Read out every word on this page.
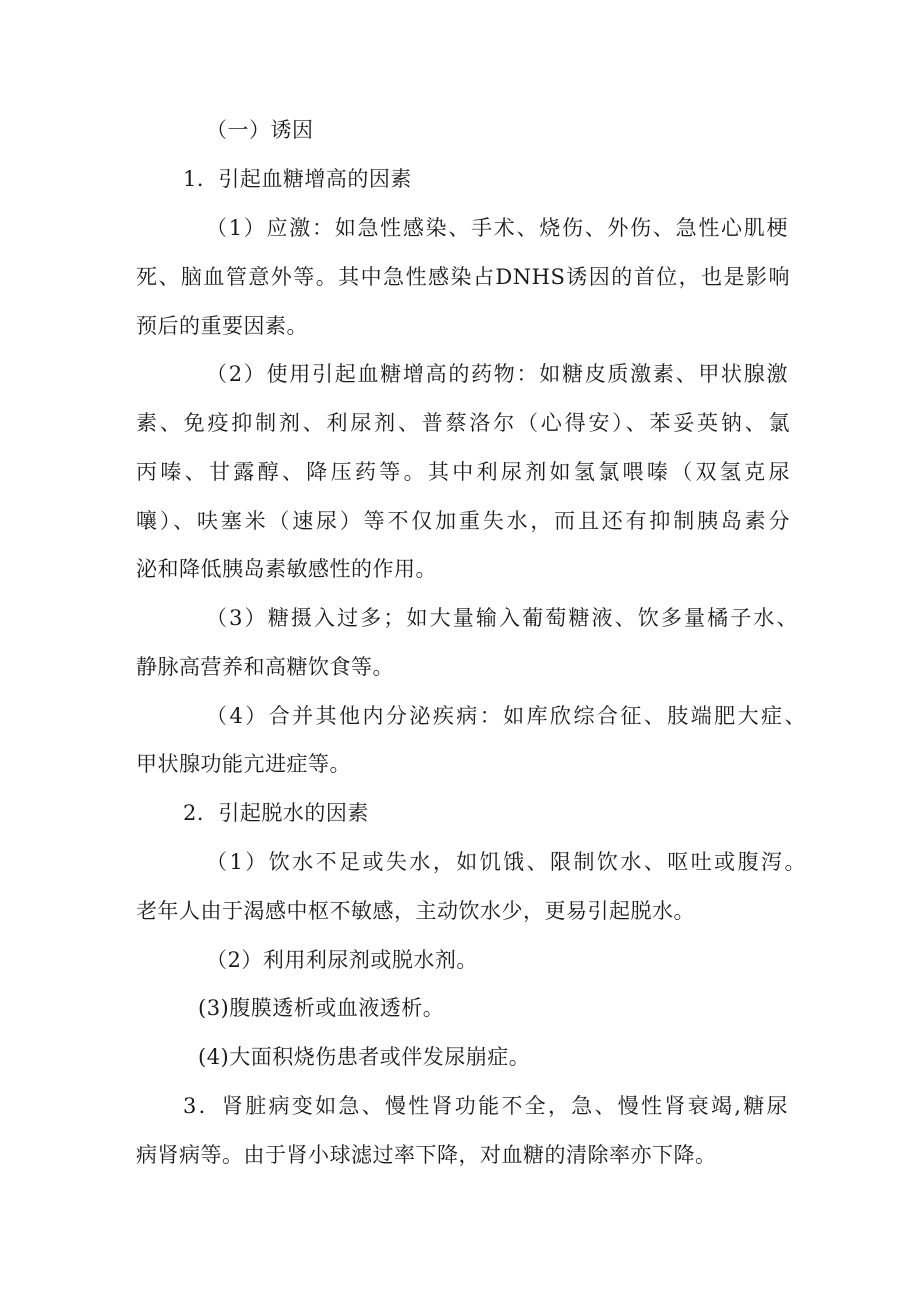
（一）诱因
1．引起血糖增高的因素
（1）应激：如急性感染、手术、烧伤、外伤、急性心肌梗
死、脑血管意外等。其中急性感染占DNHS诱因的首位，也是影响
预后的重要因素。
（2）使用引起血糖增高的药物：如糖皮质激素、甲状腺激
素、免疫抑制剂、利尿剂、普蔡洛尔（心得安）、苯妥英钠、氯
丙嗪、甘露醇、降压药等。其中利尿剂如氢氯喂嗪（双氢克尿
嚷）、呋塞米（速尿）等不仅加重失水，而且还有抑制胰岛素分
泌和降低胰岛素敏感性的作用。
（3）糖摄入过多；如大量输入葡萄糖液、饮多量橘子水、
静脉高营养和高糖饮食等。
（4）合并其他内分泌疾病：如库欣综合征、肢端肥大症、
甲状腺功能亢进症等。
2．引起脱水的因素
（1）饮水不足或失水，如饥饿、限制饮水、呕吐或腹泻。
老年人由于渴感中枢不敏感，主动饮水少，更易引起脱水。
（2）利用利尿剂或脱水剂。
(3)腹膜透析或血液透析。
(4)大面积烧伤患者或伴发尿崩症。
3．肾脏病变如急、慢性肾功能不全，急、慢性肾衰竭,糖尿
病肾病等。由于肾小球滤过率下降，对血糖的清除率亦下降。
